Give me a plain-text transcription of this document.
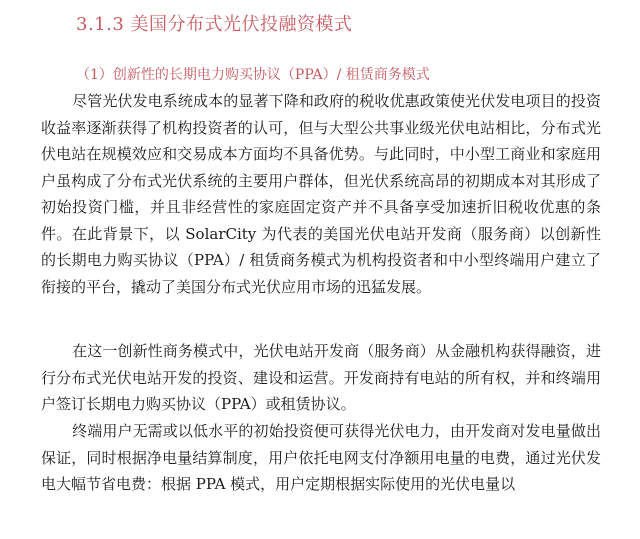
3.1.3 美国分布式光伏投融资模式
（1）创新性的长期电力购买协议（PPA）/ 租赁商务模式
尽管光伏发电系统成本的显著下降和政府的税收优惠政策使光伏发电项目的投资收益率逐渐获得了机构投资者的认可，但与大型公共事业级光伏电站相比，分布式光伏电站在规模效应和交易成本方面均不具备优势。与此同时，中小型工商业和家庭用户虽构成了分布式光伏系统的主要用户群体，但光伏系统高昂的初期成本对其形成了初始投资门槛，并且非经营性的家庭固定资产并不具备享受加速折旧税收优惠的条件。在此背景下，以 SolarCity 为代表的美国光伏电站开发商（服务商）以创新性的长期电力购买协议（PPA）/ 租赁商务模式为机构投资者和中小型终端用户建立了衔接的平台，撬动了美国分布式光伏应用市场的迅猛发展。
在这一创新性商务模式中，光伏电站开发商（服务商）从金融机构获得融资，进行分布式光伏电站开发的投资、建设和运营。开发商持有电站的所有权，并和终端用户签订长期电力购买协议（PPA）或租赁协议。
终端用户无需或以低水平的初始投资便可获得光伏电力，由开发商对发电量做出保证，同时根据净电量结算制度，用户依托电网支付净额用电量的电费，通过光伏发电大幅节省电费：根据 PPA 模式，用户定期根据实际使用的光伏电量以
